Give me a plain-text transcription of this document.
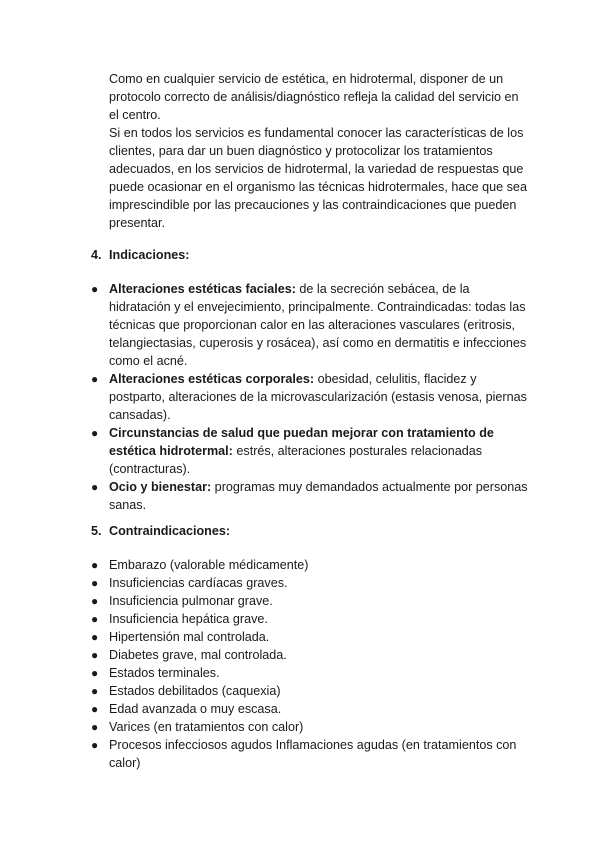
Como en cualquier servicio de estética, en hidrotermal, disponer de un protocolo correcto de análisis/diagnóstico refleja la calidad del servicio en el centro.

Si en todos los servicios es fundamental conocer las características de los clientes, para dar un buen diagnóstico y protocolizar los tratamientos adecuados, en los servicios de hidrotermal, la variedad de respuestas que puede ocasionar en el organismo las técnicas hidrotermales, hace que sea imprescindible por las precauciones y las contraindicaciones que pueden presentar.

4. Indicaciones:
● Alteraciones estéticas faciales: de la secreción sebácea, de la hidratación y el envejecimiento, principalmente. Contraindicadas: todas las técnicas que proporcionan calor en las alteraciones vasculares (eritrosis, telangiectasias, cuperosis y rosácea), así como en dermatitis e infecciones como el acné.
● Alteraciones estéticas corporales: obesidad, celulitis, flacidez y postparto, alteraciones de la microvascularización (estasis venosa, piernas cansadas).
● Circunstancias de salud que puedan mejorar con tratamiento de estética hidrotermal: estrés, alteraciones posturales relacionadas (contracturas).
● Ocio y bienestar: programas muy demandados actualmente por personas sanas.
5. Contraindicaciones:
● Embarazo (valorable médicamente)
● Insuficiencias cardíacas graves.
● Insuficiencia pulmonar grave.
● Insuficiencia hepática grave.
● Hipertensión mal controlada.
● Diabetes grave, mal controlada.
● Estados terminales.
● Estados debilitados (caquexia)
● Edad avanzada o muy escasa.
● Varices (en tratamientos con calor)
● Procesos infecciosos agudos Inflamaciones agudas (en tratamientos con calor)
